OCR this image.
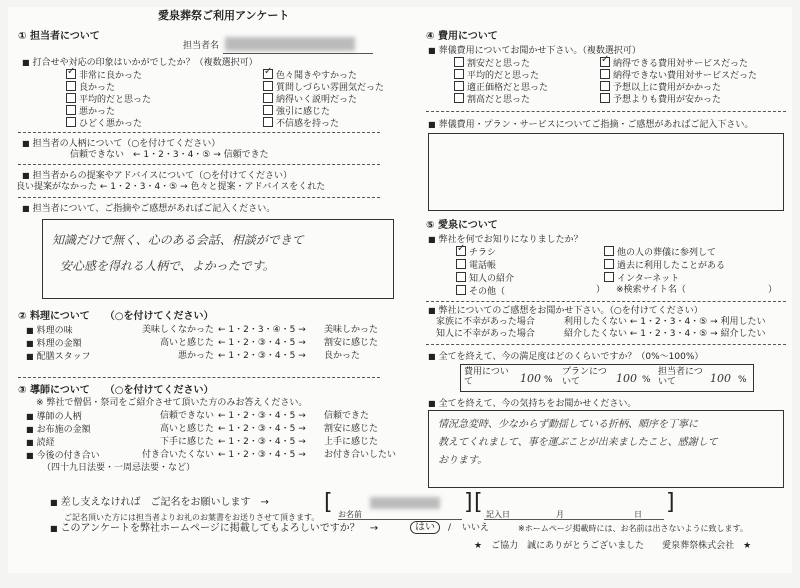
愛泉葬祭ご利用アンケート
① 担当者について
担当者名
■ 打合せや対応の印象はいかがでしたか？（複数選択可）
✓非常に良かった
良かった
平均的だと思った
悪かった
ひどく悪かった
✓色々聞きやすかった
質問しづらい雰囲気だった
納得いく説明だった
強引に感じた
不信感を持った
■ 担当者の人柄について（○を付けてください）
信頼できない　← 1・2・3・4・⑤ → 信頼できた
■ 担当者からの提案やアドバイスについて（○を付けてください）
良い提案がなかった ← 1・2・3・4・⑤ → 色々と提案・アドバイスをくれた
■ 担当者について、ご指摘やご感想があればご記入ください。
知識だけで無く、心のある会話、相談ができて
安心感を得れる人柄で、よかったです。
② 料理について　　（○を付けてください）
■ 料理の味	美味しくなかった ← 1・2・3・④・5 → 美味しかった
■ 料理の金額	高いと感じた ← 1・2・③・4・5 → 割安に感じた
■ 配膳スタッフ	悪かった ← 1・2・③・4・5 → 良かった
③ 導師について　　（○を付けてください）
※ 弊社で僧侶・祭司をご紹介させて頂いた方のみお答えください。
■ 導師の人柄	信頼できない ← 1・2・③・4・5 → 信頼できた
■ お布施の金額	高いと感じた ← 1・2・③・4・5 → 割安に感じた
■ 読経	下手に感じた ← 1・2・③・4・5 → 上手に感じた
■ 今後の付き合い	付き合いたくない ← 1・2・③・4・5 → お付き合いしたい
（四十九日法要・一周忌法要・など）
④ 費用について
■ 葬儀費用についてお聞かせ下さい。（複数選択可）
割安だと思った
平均的だと思った
適正価格だと思った
割高だと思った
✓納得できる費用対サービスだった
納得できない費用対サービスだった
予想以上に費用がかかった
予想よりも費用が安かった
■ 葬儀費用・プラン・サービスについてご指摘・ご感想があればご記入下さい。
⑤ 愛泉について
■ 弊社を何でお知りになりましたか？
✓チラシ
電話帳
知人の紹介
その他（	）
他の人の葬儀に参列して
過去に利用したことがある
インターネット
※検索サイト名（	）
■ 弊社についてのご感想をお聞かせ下さい。（○を付けてください）
家族に不幸があった場合	利用したくない ← 1・2・3・4・⑤ → 利用したい
知人に不幸があった場合	紹介したくない ← 1・2・3・4・⑤ → 紹介したい
■ 全てを終えて、今の満足度はどのくらいですか？（0%～100%）
費用について	100 %
プランについて	100 %
担当者について	100 %
■ 全てを終えて、今の気持ちをお聞かせください。
情況急変時、少なからず動揺している折柄、順序を丁寧に
教えてくれまして、事を運ぶことが出来ましたこと、感謝して
おります。
■ 差し支えなければ　ご記名をお願いします　→
ご記名頂いた方には担当者よりお礼のお葉書をお送りさせて頂きます。
[ お名前	] [ 記入日	月	日 ]
■ このアンケートを弊社ホームページに掲載してもよろしいですか？　→	はい	/ いいえ	※ホームページ掲載時には、お名前は出さないように致します。
★　ご協力　誠にありがとうございました　　愛泉葬祭株式会社　★
